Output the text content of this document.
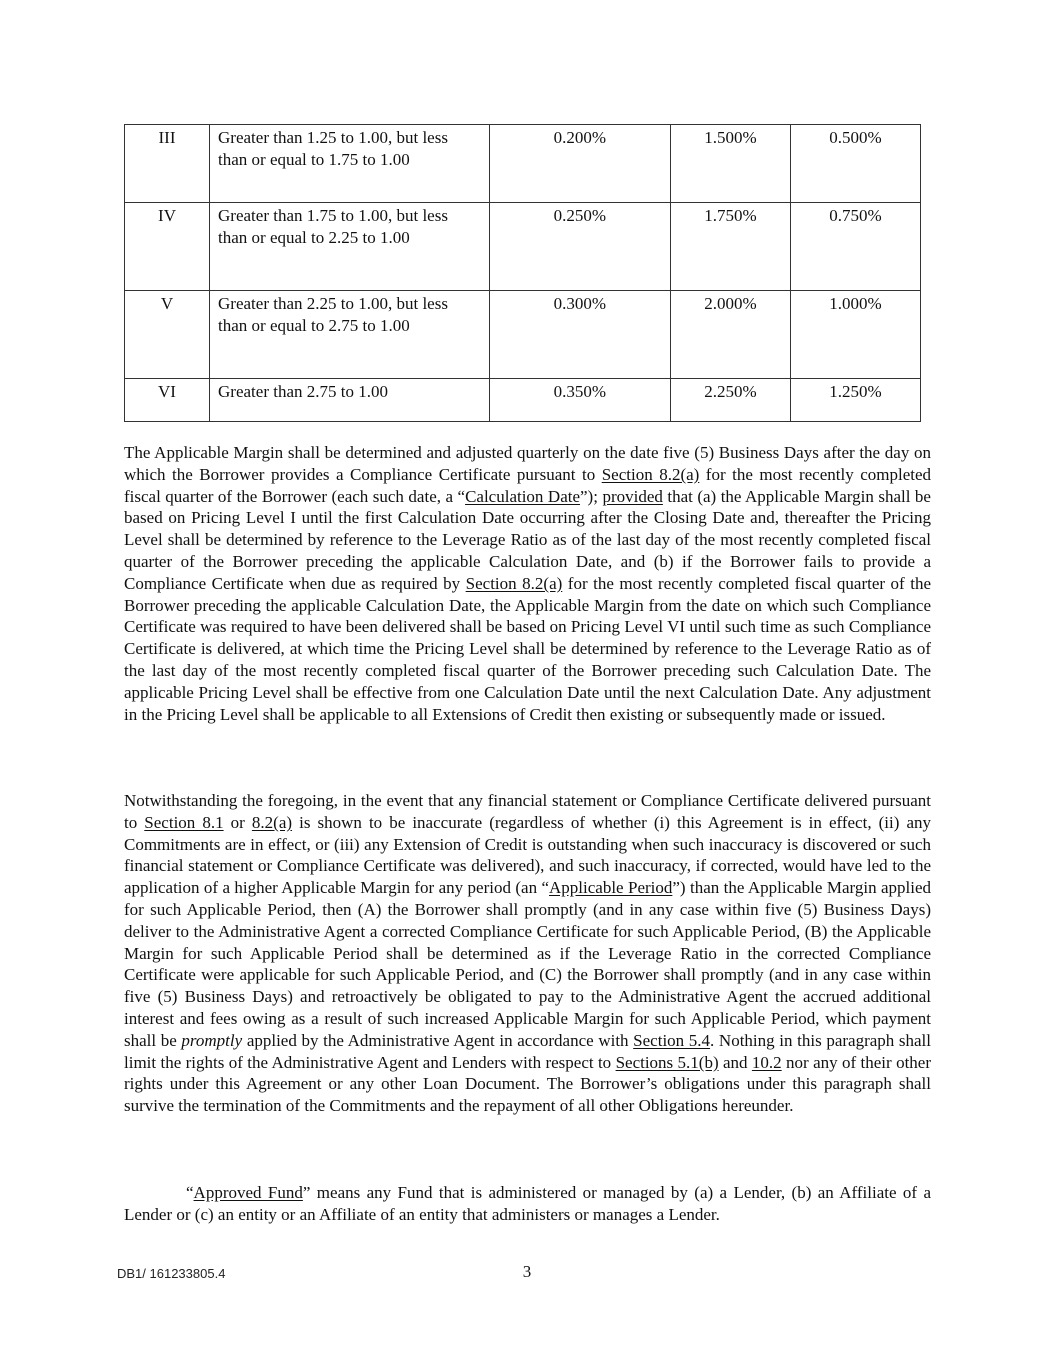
III	Greater than 1.25 to 1.00, but less than or equal to 1.75 to 1.00	0.200%	1.500%	0.500%
IV	Greater than 1.75 to 1.00, but less than or equal to 2.25 to 1.00	0.250%	1.750%	0.750%
V	Greater than 2.25 to 1.00, but less than or equal to 2.75 to 1.00	0.300%	2.000%	1.000%
VI	Greater than 2.75 to 1.00	0.350%	2.250%	1.250%

The Applicable Margin shall be determined and adjusted quarterly on the date five (5) Business Days after the day on which the Borrower provides a Compliance Certificate pursuant to Section 8.2(a) for the most recently completed fiscal quarter of the Borrower (each such date, a “Calculation Date”); provided that (a) the Applicable Margin shall be based on Pricing Level I until the first Calculation Date occurring after the Closing Date and, thereafter the Pricing Level shall be determined by reference to the Leverage Ratio as of the last day of the most recently completed fiscal quarter of the Borrower preceding the applicable Calculation Date, and (b) if the Borrower fails to provide a Compliance Certificate when due as required by Section 8.2(a) for the most recently completed fiscal quarter of the Borrower preceding the applicable Calculation Date, the Applicable Margin from the date on which such Compliance Certificate was required to have been delivered shall be based on Pricing Level VI until such time as such Compliance Certificate is delivered, at which time the Pricing Level shall be determined by reference to the Leverage Ratio as of the last day of the most recently completed fiscal quarter of the Borrower preceding such Calculation Date. The applicable Pricing Level shall be effective from one Calculation Date until the next Calculation Date. Any adjustment in the Pricing Level shall be applicable to all Extensions of Credit then existing or subsequently made or issued.

Notwithstanding the foregoing, in the event that any financial statement or Compliance Certificate delivered pursuant to Section 8.1 or 8.2(a) is shown to be inaccurate (regardless of whether (i) this Agreement is in effect, (ii) any Commitments are in effect, or (iii) any Extension of Credit is outstanding when such inaccuracy is discovered or such financial statement or Compliance Certificate was delivered), and such inaccuracy, if corrected, would have led to the application of a higher Applicable Margin for any period (an “Applicable Period”) than the Applicable Margin applied for such Applicable Period, then (A) the Borrower shall promptly (and in any case within five (5) Business Days) deliver to the Administrative Agent a corrected Compliance Certificate for such Applicable Period, (B) the Applicable Margin for such Applicable Period shall be determined as if the Leverage Ratio in the corrected Compliance Certificate were applicable for such Applicable Period, and (C) the Borrower shall promptly (and in any case within five (5) Business Days) and retroactively be obligated to pay to the Administrative Agent the accrued additional interest and fees owing as a result of such increased Applicable Margin for such Applicable Period, which payment shall be promptly applied by the Administrative Agent in accordance with Section 5.4. Nothing in this paragraph shall limit the rights of the Administrative Agent and Lenders with respect to Sections 5.1(b) and 10.2 nor any of their other rights under this Agreement or any other Loan Document. The Borrower’s obligations under this paragraph shall survive the termination of the Commitments and the repayment of all other Obligations hereunder.

“Approved Fund” means any Fund that is administered or managed by (a) a Lender, (b) an Affiliate of a Lender or (c) an entity or an Affiliate of an entity that administers or manages a Lender.

DB1/ 161233805.4	3
